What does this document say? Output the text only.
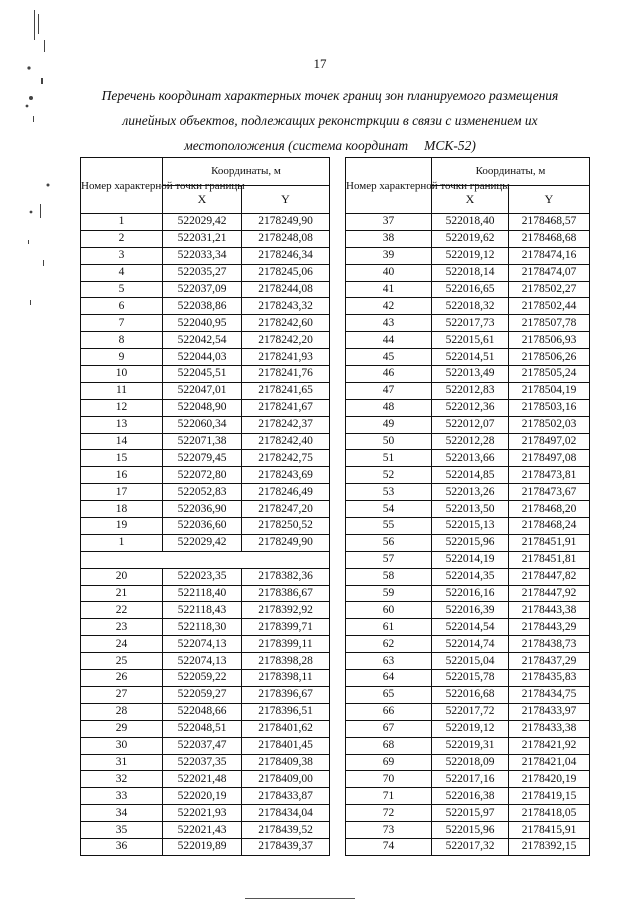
17
Перечень координат характерных точек границ зон планируемого размещения
линейных объектов, подлежащих реконстркции в связи с изменением их
местоположения (система координат МСК-52)
Номер характерной точки границы	Координаты, м	
	X	Y
1	522029,42	2178249,90
2	522031,21	2178248,08
3	522033,34	2178246,34
4	522035,27	2178245,06
5	522037,09	2178244,08
6	522038,86	2178243,32
7	522040,95	2178242,60
8	522042,54	2178242,20
9	522044,03	2178241,93
10	522045,51	2178241,76
11	522047,01	2178241,65
12	522048,90	2178241,67
13	522060,34	2178242,37
14	522071,38	2178242,40
15	522079,45	2178242,75
16	522072,80	2178243,69
17	522052,83	2178246,49
18	522036,90	2178247,20
19	522036,60	2178250,52
1	522029,42	2178249,90

20	522023,35	2178382,36
21	522118,40	2178386,67
22	522118,43	2178392,92
23	522118,30	2178399,71
24	522074,13	2178399,11
25	522074,13	2178398,28
26	522059,22	2178398,11
27	522059,27	2178396,67
28	522048,66	2178396,51
29	522048,51	2178401,62
30	522037,47	2178401,45
31	522037,35	2178409,38
32	522021,48	2178409,00
33	522020,19	2178433,87
34	522021,93	2178434,04
35	522021,43	2178439,52
36	522019,89	2178439,37
Номер характерной точки границы	Координаты, м	
	X	Y
37	522018,40	2178468,57
38	522019,62	2178468,68
39	522019,12	2178474,16
40	522018,14	2178474,07
41	522016,65	2178502,27
42	522018,32	2178502,44
43	522017,73	2178507,78
44	522015,61	2178506,93
45	522014,51	2178506,26
46	522013,49	2178505,24
47	522012,83	2178504,19
48	522012,36	2178503,16
49	522012,07	2178502,03
50	522012,28	2178497,02
51	522013,66	2178497,08
52	522014,85	2178473,81
53	522013,26	2178473,67
54	522013,50	2178468,20
55	522015,13	2178468,24
56	522015,96	2178451,91
57	522014,19	2178451,81
58	522014,35	2178447,82
59	522016,16	2178447,92
60	522016,39	2178443,38
61	522014,54	2178443,29
62	522014,74	2178438,73
63	522015,04	2178437,29
64	522015,78	2178435,83
65	522016,68	2178434,75
66	522017,72	2178433,97
67	522019,12	2178433,38
68	522019,31	2178421,92
69	522018,09	2178421,04
70	522017,16	2178420,19
71	522016,38	2178419,15
72	522015,97	2178418,05
73	522015,96	2178415,91
74	522017,32	2178392,15
